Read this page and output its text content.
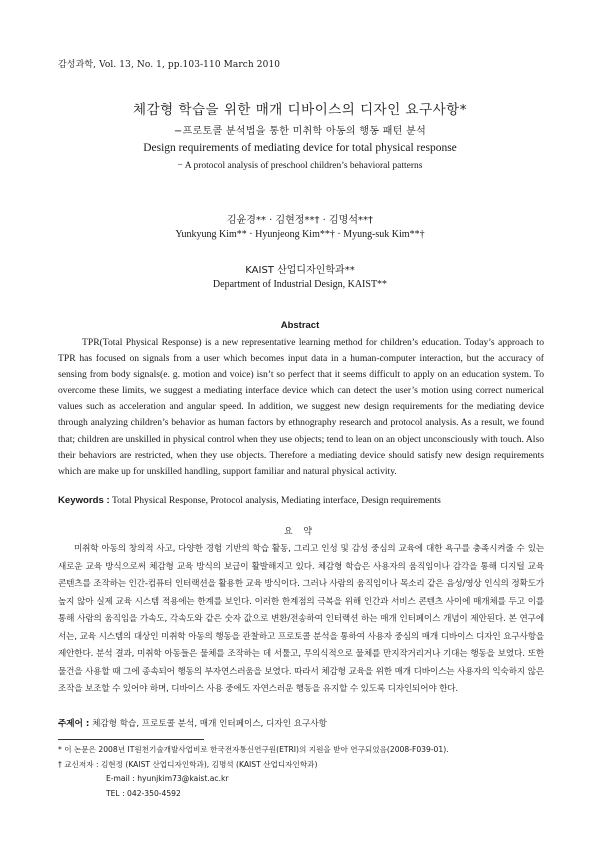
감성과학, Vol. 13, No. 1, pp.103-110 March 2010
체감형 학습을 위한 매개 디바이스의 디자인 요구사항*
−프로토콜 분석법을 통한 미취학 아동의 행동 패턴 분석
Design requirements of mediating device for total physical response
− A protocol analysis of preschool children’s behavioral patterns
김윤경** · 김현정**† · 김명석**†
Yunkyung Kim** · Hyunjeong Kim**† · Myung-suk Kim**†
KAIST 산업디자인학과**
Department of Industrial Design, KAIST**
Abstract

TPR(Total Physical Response) is a new representative learning method for children’s education. Today’s approach to TPR has focused on signals from a user which becomes input data in a human-computer interaction, but the accuracy of sensing from body signals(e. g. motion and voice) isn’t so perfect that it seems difficult to apply on an education system. To overcome these limits, we suggest a mediating interface device which can detect the user’s motion using correct numerical values such as acceleration and angular speed. In addition, we suggest new design requirements for the mediating device through analyzing children’s behavior as human factors by ethnography research and protocol analysis. As a result, we found that; children are unskilled in physical control when they use objects; tend to lean on an object unconsciously with touch. Also their behaviors are restricted, when they use objects. Therefore a mediating device should satisfy new design requirements which are make up for unskilled handling, support familiar and natural physical activity.

Keywords : Total Physical Response, Protocol analysis, Mediating interface, Design requirements
요 약

미취학 아동의 창의적 사고, 다양한 경험 기반의 학습 활동, 그리고 인성 및 감성 중심의 교육에 대한 욕구를 충족시켜줄 수 있는 새로운 교육 방식으로써 체감형 교육 방식의 보급이 활발해지고 있다. 체감형 학습은 사용자의 움직임이나 감각을 통해 디지털 교육 콘텐츠를 조작하는 인간-컴퓨터 인터랙션을 활용한 교육 방식이다. 그러나 사람의 움직임이나 목소리 같은 음성/영상 인식의 정확도가 높지 않아 실제 교육 시스템 적용에는 한계를 보인다. 이러한 한계점의 극복을 위해 인간과 서비스 콘텐츠 사이에 매개체를 두고 이를 통해 사람의 움직임을 가속도, 각속도와 같은 숫자 값으로 변환/전송하여 인터랙션 하는 매개 인터페이스 개념이 제안된다. 본 연구에서는, 교육 시스템의 대상인 미취학 아동의 행동을 관찰하고 프로토콜 분석을 통하여 사용자 중심의 매개 디바이스 디자인 요구사항을 제안한다. 분석 결과, 미취학 아동들은 물체를 조작하는 데 서툴고, 무의식적으로 물체를 만지작거리거나 기대는 행동을 보였다. 또한 물건을 사용할 때 그에 종속되어 행동의 부자연스러움을 보였다. 따라서 체감형 교육을 위한 매개 디바이스는 사용자의 익숙하지 않은 조작을 보조할 수 있어야 하며, 디바이스 사용 중에도 자연스러운 행동을 유지할 수 있도록 디자인되어야 한다.

주제어 : 체감형 학습, 프로토콜 분석, 매개 인터페이스, 디자인 요구사항
* 이 논문은 2008년 IT원천기술개발사업비로 한국전자통신연구원(ETRI)의 지원을 받아 연구되었음(2008-F039-01).
† 교신저자 : 김현정 (KAIST 산업디자인학과), 김명석 (KAIST 산업디자인학과)
E-mail : hyunjkim73@kaist.ac.kr
TEL : 042-350-4592
